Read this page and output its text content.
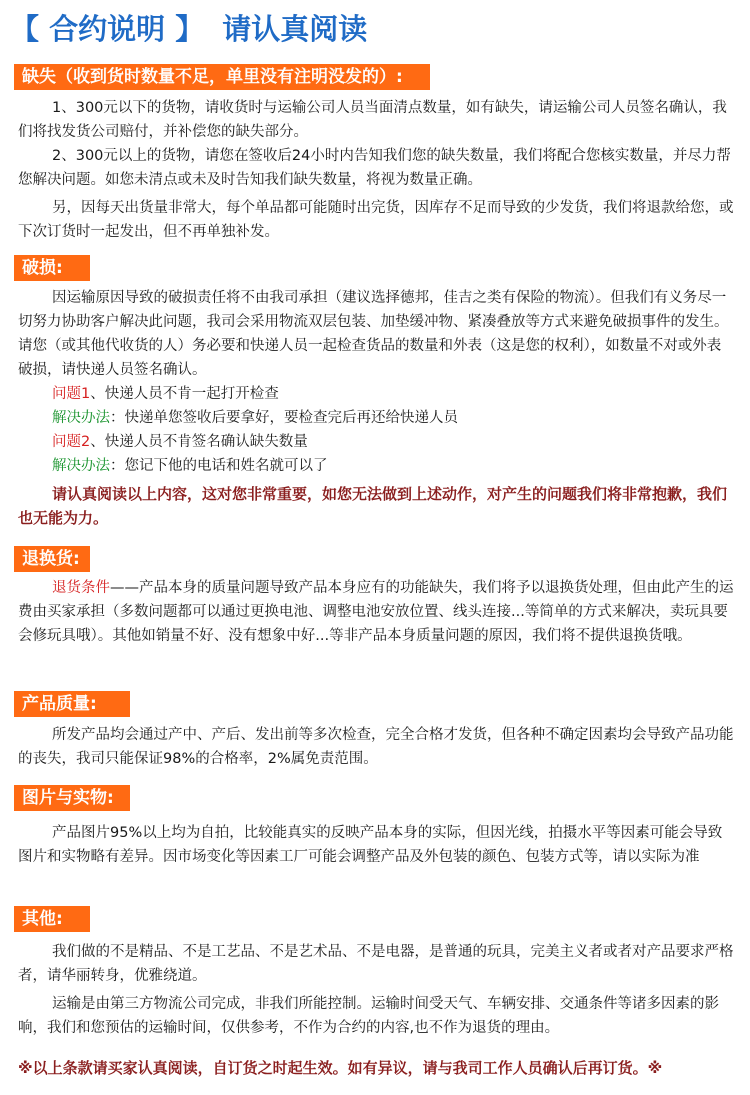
【 合约说明 】 请认真阅读
缺失（收到货时数量不足，单里没有注明没发的）:

1、300元以下的货物，请收货时与运输公司人员当面清点数量，如有缺失，请运输公司人员签名确认，我们将找发货公司赔付，并补偿您的缺失部分。

2、300元以上的货物，请您在签收后24小时内告知我们您的缺失数量，我们将配合您核实数量，并尽力帮您解决问题。如您未清点或未及时告知我们缺失数量，将视为数量正确。

另，因每天出货量非常大，每个单品都可能随时出完货，因库存不足而导致的少发货，我们将退款给您，或下次订货时一起发出，但不再单独补发。

破损:

因运输原因导致的破损责任将不由我司承担（建议选择德邦，佳吉之类有保险的物流）。但我们有义务尽一切努力协助客户解决此问题，我司会采用物流双层包装、加垫缓冲物、紧凑叠放等方式来避免破损事件的发生。请您（或其他代收货的人）务必要和快递人员一起检查货品的数量和外表（这是您的权利），如数量不对或外表破损，请快递人员签名确认。

问题1、快递人员不肯一起打开检查

解决办法：快递单您签收后要拿好，要检查完后再还给快递人员

问题2、快递人员不肯签名确认缺失数量

解决办法：您记下他的电话和姓名就可以了

请认真阅读以上内容，这对您非常重要，如您无法做到上述动作，对产生的问题我们将非常抱歉，我们也无能为力。

退换货:

退货条件——产品本身的质量问题导致产品本身应有的功能缺失，我们将予以退换货处理，但由此产生的运费由买家承担（多数问题都可以通过更换电池、调整电池安放位置、线头连接...等简单的方式来解决，卖玩具要会修玩具哦）。其他如销量不好、没有想象中好...等非产品本身质量问题的原因，我们将不提供退换货哦。

产品质量:

所发产品均会通过产中、产后、发出前等多次检查，完全合格才发货，但各种不确定因素均会导致产品功能的丧失，我司只能保证98%的合格率，2%属免责范围。

图片与实物:

产品图片95%以上均为自拍，比较能真实的反映产品本身的实际，但因光线，拍摄水平等因素可能会导致图片和实物略有差异。因市场变化等因素工厂可能会调整产品及外包装的颜色、包装方式等，请以实际为准

其他:

我们做的不是精品、不是工艺品、不是艺术品、不是电器，是普通的玩具，完美主义者或者对产品要求严格者，请华丽转身，优雅绕道。

运输是由第三方物流公司完成，非我们所能控制。运输时间受天气、车辆安排、交通条件等诸多因素的影响，我们和您预估的运输时间，仅供参考，不作为合约的内容,也不作为退货的理由。

※以上条款请买家认真阅读，自订货之时起生效。如有异议，请与我司工作人员确认后再订货。※
